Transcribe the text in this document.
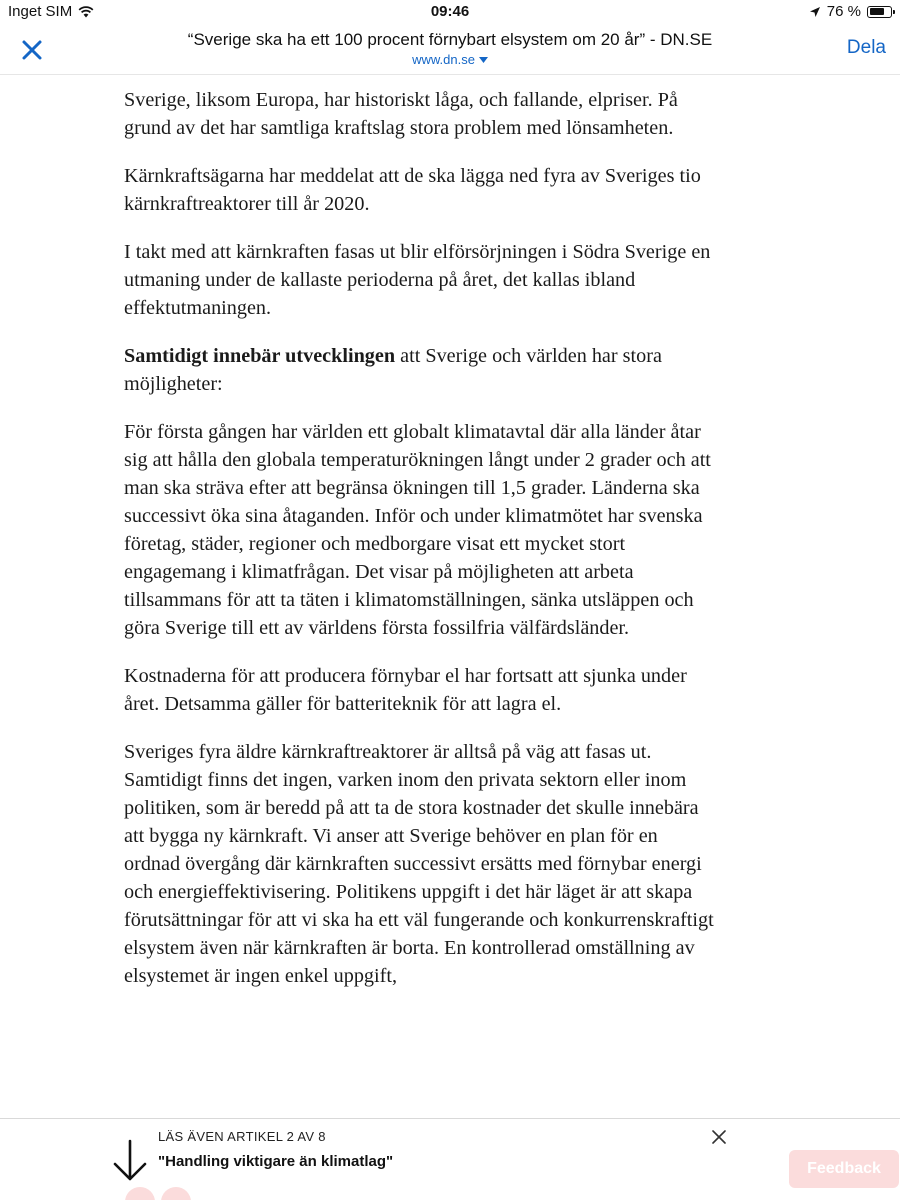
Inget SIM	09:46	76 %
“Sverige ska ha ett 100 procent förnybart elsystem om 20 år” - DN.SE
www.dn.se
Dela

Sverige, liksom Europa, har historiskt låga, och fallande, elpriser. På grund av det har samtliga kraftslag stora problem med lönsamheten.

Kärnkraftsägarna har meddelat att de ska lägga ned fyra av Sveriges tio kärnkraftreaktorer till år 2020.

I takt med att kärnkraften fasas ut blir elförsörjningen i Södra Sverige en utmaning under de kallaste perioderna på året, det kallas ibland effektutmaningen.

Samtidigt innebär utvecklingen att Sverige och världen har stora möjligheter:

För första gången har världen ett globalt klimatavtal där alla länder åtar sig att hålla den globala temperaturökningen långt under 2 grader och att man ska sträva efter att begränsa ökningen till 1,5 grader. Länderna ska successivt öka sina åtaganden. Inför och under klimatmötet har svenska företag, städer, regioner och medborgare visat ett mycket stort engagemang i klimatfrågan. Det visar på möjligheten att arbeta tillsammans för att ta täten i klimatomställningen, sänka utsläppen och göra Sverige till ett av världens första fossilfria välfärdsländer.

Kostnaderna för att producera förnybar el har fortsatt att sjunka under året. Detsamma gäller för batteriteknik för att lagra el.

Sveriges fyra äldre kärnkraftreaktorer är alltså på väg att fasas ut. Samtidigt finns det ingen, varken inom den privata sektorn eller inom politiken, som är beredd på att ta de stora kostnader det skulle innebära att bygga ny kärnkraft. Vi anser att Sverige behöver en plan för en ordnad övergång där kärnkraften successivt ersätts med förnybar energi och energieffektivisering. Politikens uppgift i det här läget är att skapa förutsättningar för att vi ska ha ett väl fungerande och konkurrenskraftigt elsystem även när kärnkraften är borta. En kontrollerad omställning av elsystemet är ingen enkel uppgift,

LÄS ÄVEN ARTIKEL 2 AV 8
"Handling viktigare än klimatlag"	Feedback
